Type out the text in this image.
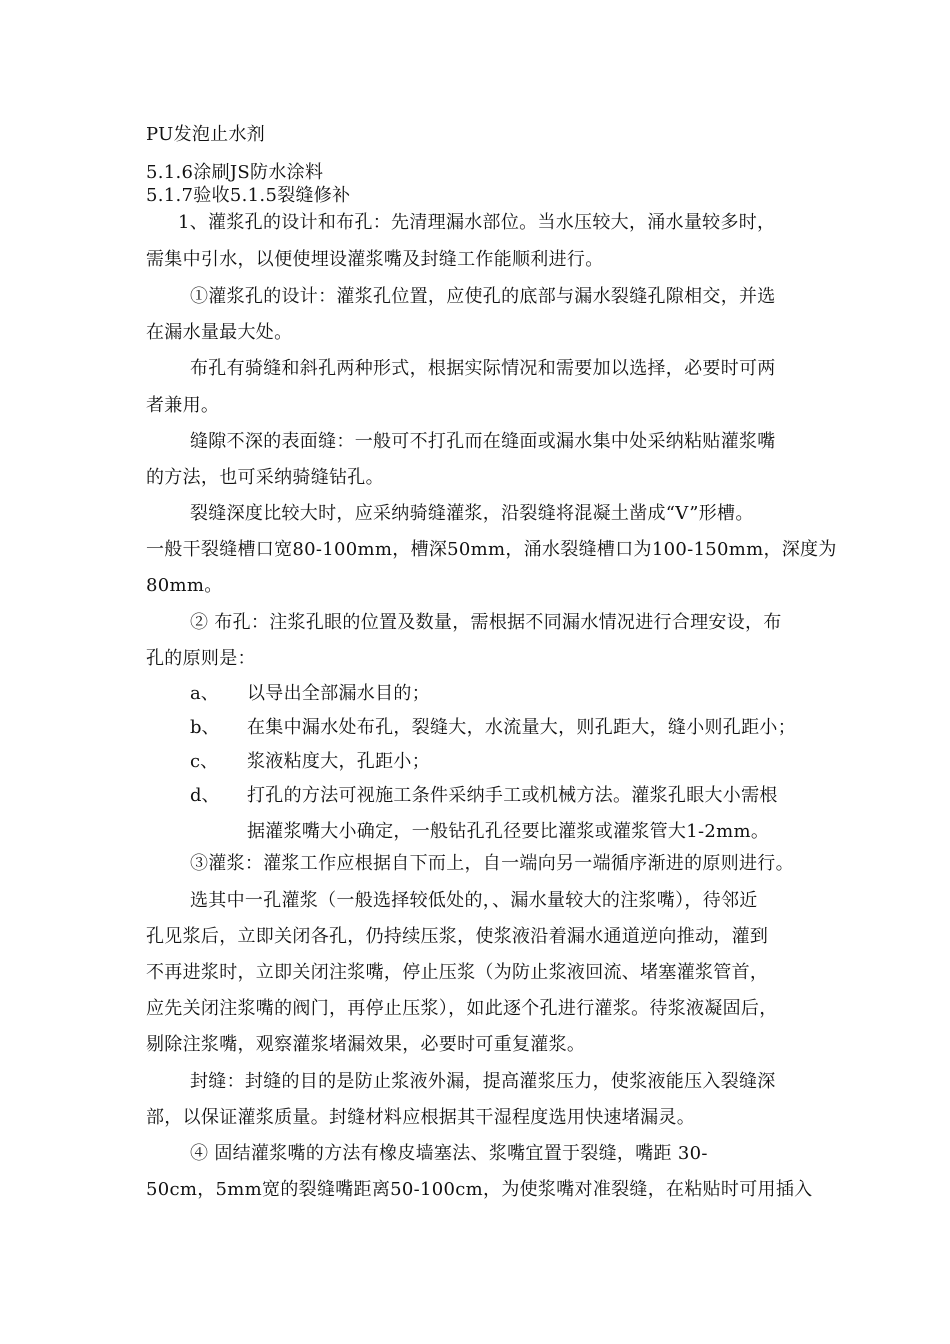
PU发泡止水剂
5.1.6涂刷JS防水涂料
5.1.7验收5.1.5裂缝修补
1、灌浆孔的设计和布孔：先清理漏水部位。当水压较大，涌水量较多时，
需集中引水，以便使埋设灌浆嘴及封缝工作能顺利进行。
①灌浆孔的设计：灌浆孔位置，应使孔的底部与漏水裂缝孔隙相交，并选
在漏水量最大处。
布孔有骑缝和斜孔两种形式，根据实际情况和需要加以选择，必要时可两
者兼用。
缝隙不深的表面缝：一般可不打孔而在缝面或漏水集中处采纳粘贴灌浆嘴
的方法，也可采纳骑缝钻孔。
裂缝深度比较大时，应采纳骑缝灌浆，沿裂缝将混凝土凿成“V”形槽。
一般干裂缝槽口宽80-100mm，槽深50mm，涌水裂缝槽口为100-150mm，深度为
80mm。
② 布孔：注浆孔眼的位置及数量，需根据不同漏水情况进行合理安设，布
孔的原则是：
a、 以导出全部漏水目的；
b、 在集中漏水处布孔，裂缝大，水流量大，则孔距大，缝小则孔距小；
c、 浆液粘度大，孔距小；
d、 打孔的方法可视施工条件采纳手工或机械方法。灌浆孔眼大小需根
据灌浆嘴大小确定，一般钻孔孔径要比灌浆或灌浆管大1-2mm。
③灌浆：灌浆工作应根据自下而上，自一端向另一端循序渐进的原则进行。
选其中一孔灌浆（一般选择较低处的，、漏水量较大的注浆嘴），待邻近
孔见浆后，立即关闭各孔，仍持续压浆，使浆液沿着漏水通道逆向推动，灌到
不再进浆时，立即关闭注浆嘴，停止压浆（为防止浆液回流、堵塞灌浆管首，
应先关闭注浆嘴的阀门，再停止压浆），如此逐个孔进行灌浆。待浆液凝固后，
剔除注浆嘴，观察灌浆堵漏效果，必要时可重复灌浆。
封缝：封缝的目的是防止浆液外漏，提高灌浆压力，使浆液能压入裂缝深
部，以保证灌浆质量。封缝材料应根据其干湿程度选用快速堵漏灵。
④ 固结灌浆嘴的方法有橡皮墙塞法、浆嘴宜置于裂缝，嘴距 30-
50cm，5mm宽的裂缝嘴距离50-100cm，为使浆嘴对准裂缝，在粘贴时可用插入
